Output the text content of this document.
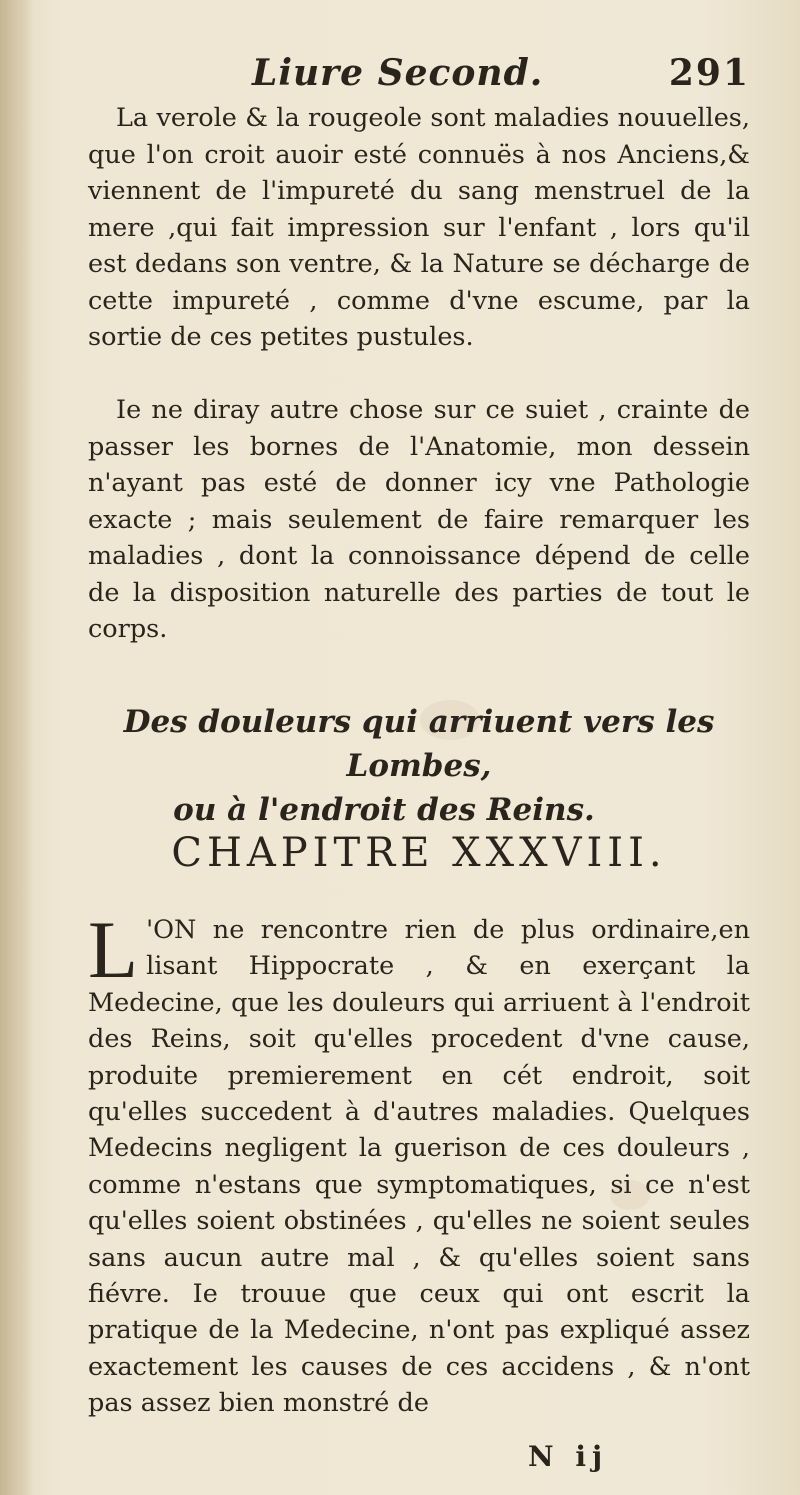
Liure Second.	291

La verole & la rougeole sont maladies nouuelles, que l'on croit auoir esté connuës à nos Anciens,& viennent de l'impureté du sang menstruel de la mere ,qui fait impression sur l'enfant , lors qu'il est dedans son ventre, & la Nature se décharge de cette impureté , comme d'vne escume, par la sortie de ces petites pustules.

Ie ne diray autre chose sur ce suiet , crainte de passer les bornes de l'Anatomie, mon dessein n'ayant pas esté de donner icy vne Pathologie exacte ; mais seulement de faire remarquer les maladies , dont la connoissance dépend de celle de la disposition naturelle des parties de tout le corps.

Des douleurs qui arriuent vers les Lombes,
ou à l'endroit des Reins.
CHAPITRE XXXVIII.
L 'ON ne rencontre rien de plus ordinaire,en lisant Hippocrate , & en exerçant la Medecine, que les douleurs qui arriuent à l'endroit des Reins, soit qu'elles procedent d'vne cause, produite premierement en cét endroit, soit qu'elles succedent à d'autres maladies. Quelques Medecins negligent la guerison de ces douleurs , comme n'estans que symptomatiques, si ce n'est qu'elles soient obstinées , qu'elles ne soient seules sans aucun autre mal , & qu'elles soient sans fiévre. Ie trouue que ceux qui ont escrit la pratique de la Medecine, n'ont pas expliqué assez exactement les causes de ces accidens , & n'ont pas assez bien monstré de
N ij
